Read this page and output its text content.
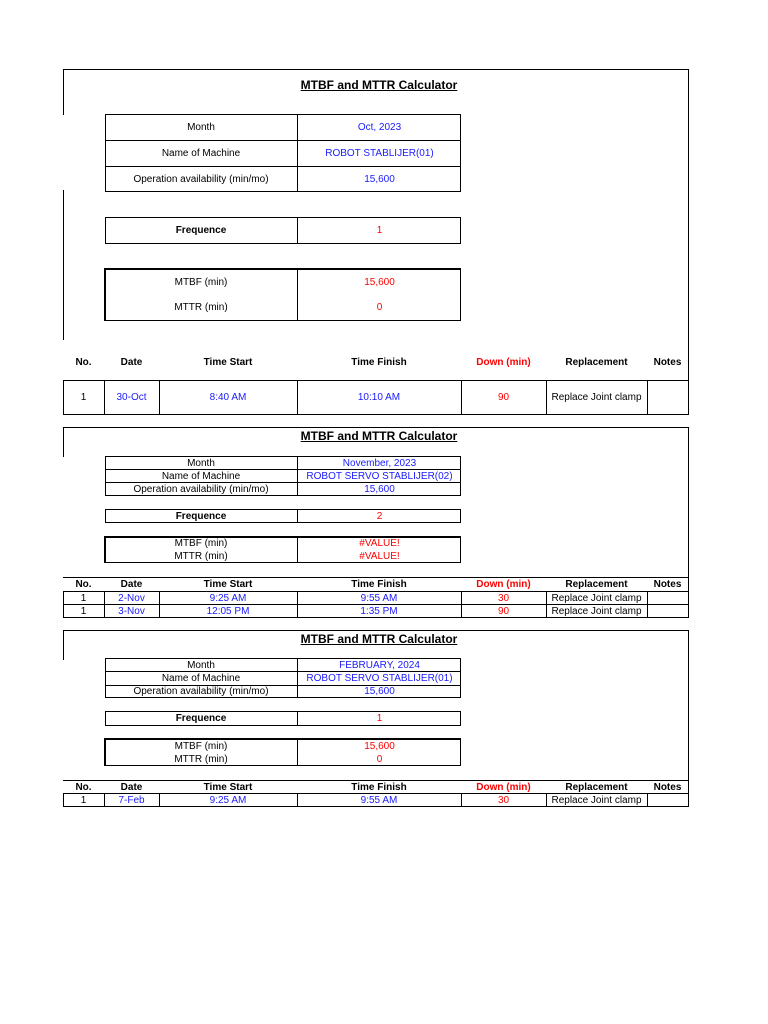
MTBF and MTTR Calculator
Month	Oct, 2023
Name of Machine	ROBOT STABLIJER(01)
Operation availability (min/mo)	15,600
Frequence	1
MTBF (min)	15,600
MTTR (min)	0
No.	Date	Time Start	Time Finish	Down (min)	Replacement	Notes
1	30-Oct	8:40 AM	10:10 AM	90	Replace Joint clamp
MTBF and MTTR Calculator
Month	November, 2023
Name of Machine	ROBOT SERVO STABLIJER(02)
Operation availability (min/mo)	15,600
Frequence	2
MTBF (min)	#VALUE!
MTTR (min)	#VALUE!
No.	Date	Time Start	Time Finish	Down (min)	Replacement	Notes
1	2-Nov	9:25 AM	9:55 AM	30	Replace Joint clamp
1	3-Nov	12:05 PM	1:35 PM	90	Replace Joint clamp
MTBF and MTTR Calculator
Month	FEBRUARY, 2024
Name of Machine	ROBOT SERVO STABLIJER(01)
Operation availability (min/mo)	15,600
Frequence	1
MTBF (min)	15,600
MTTR (min)	0
No.	Date	Time Start	Time Finish	Down (min)	Replacement	Notes
1	7-Feb	9:25 AM	9:55 AM	30	Replace Joint clamp
